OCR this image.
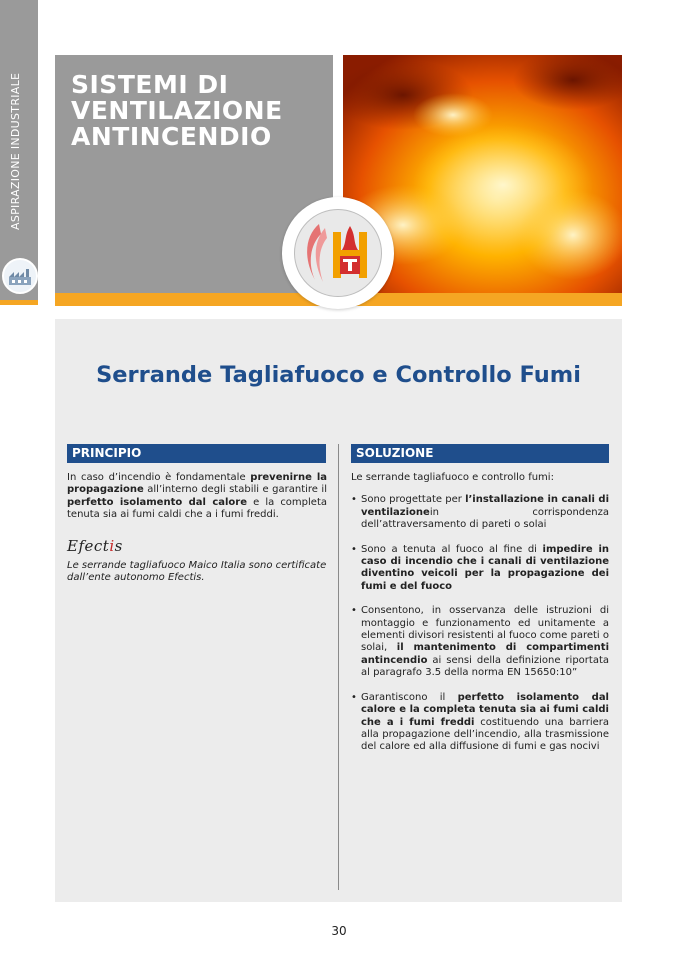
ASPIRAZIONE INDUSTRIALE SISTEMI DI
VENTILAZIONE
ANTINCENDIO
Serrande Tagliafuoco e Controllo Fumi
PRINCIPIO

In caso d’incendio è fondamentale prevenirne la propagazione all’interno degli stabili e garantire il perfetto isolamento dal calore e la completa tenuta sia ai fumi caldi che a i fumi freddi.

Efectis

Le serrande tagliafuoco Maico Italia sono certificate dall’ente autonomo Efectis.

SOLUZIONE

Le serrande tagliafuoco e controllo fumi:

• Sono progettate per l’installazione in canali di ventilazionein corrispondenza dell’attraversamento di pareti o solai
• Sono a tenuta al fuoco al fine di impedire in caso di incendio che i canali di ventilazione diventino veicoli per la propagazione dei fumi e del fuoco
• Consentono, in osservanza delle istruzioni di montaggio e funzionamento ed unitamente a elementi divisori resistenti al fuoco come pareti o solai, il mantenimento di compartimenti antincendio ai sensi della definizione riportata al paragrafo 3.5 della norma EN 15650:10”
• Garantiscono il perfetto isolamento dal calore e la completa tenuta sia ai fumi caldi che a i fumi freddi costituendo una barriera alla propagazione dell’incendio, alla trasmissione del calore ed alla diffusione di fumi e gas nocivi

30
